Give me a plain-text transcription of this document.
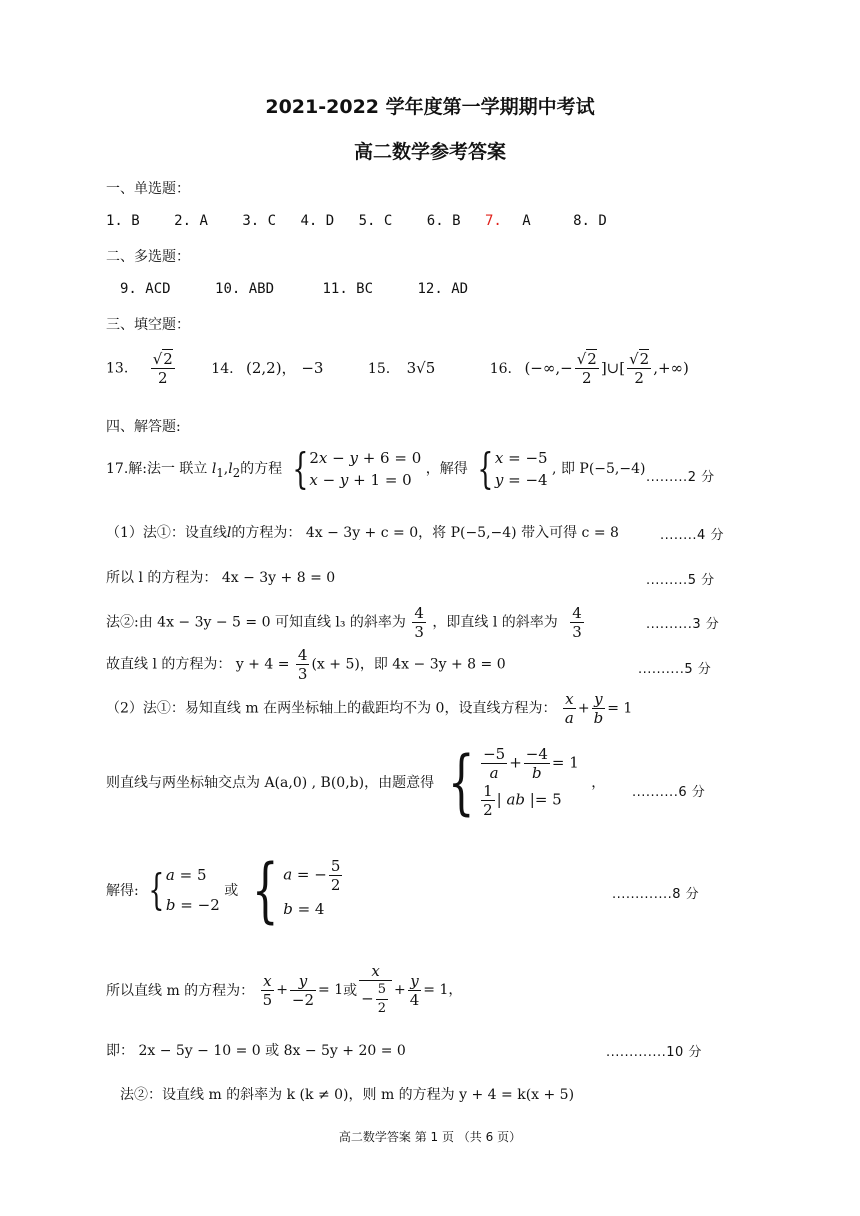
2021-2022 学年度第一学期期中考试
高二数学参考答案
一、单选题：
1. B 2. A 3. C 4. D 5. C 6. B 7. A	8. D
二、多选题：
9. ACD	10. ABD	11. BC	12. AD
三、填空题：
13. $\frac{√2}{2}$	14. (2,2)， −3	15. 3√5	16. (−∞,− $\frac{√2}{2}$ ]∪[ $\frac{√2}{2}$ ,+∞)
四、解答题:
17.解:法一 联立 $l_1,l_2$的方程 {2x − y + 6 = 0
x − y + 1 = 0 ，解得 {x = −5
y = −4 , 即 P(−5,−4)
.........2 分
（1）法①：设直线l的方程为： 4x − 3y + c = 0，将 P(−5,−4) 带入可得 c = 8	........4 分
所以 l 的方程为： 4x − 3y + 8 = 0	.........5 分
法②:由 4x − 3y − 5 = 0 可知直线 l₃ 的斜率为 $\frac{4}{3}$ ，即直线 l 的斜率为 $\frac{4}{3}$	..........3 分
故直线 l 的方程为： $y + 4 = \frac{4}{3} (x + 5)$，即 4x − 3y + 8 = 0	..........5 分
（2）法①：易知直线 m 在两坐标轴上的截距均不为 0，设直线方程为： $\frac{x}{a} + \frac{y}{b} = 1$
则直线与两坐标轴交点为 A(a,0) , B(0,b)，由题意得 { $\frac{-5}{a} + \frac{-4}{b} = 1$

$\frac{1}{2}$ | ab |= 5 ，
..........6 分
解得: {a = 5
b = −2 或 { a = − $\frac{5}{2}$

b = 4
.............8 分
所以直线 m 的方程为： $\frac{x}{5} + \frac{y}{-2} = 1$或 $\frac{x}{- \frac{5}{2}} + \frac{y}{4} = 1$，
即： 2x − 5y − 10 = 0 或 8x − 5y + 20 = 0	.............10 分
法②：设直线 m 的斜率为 k (k ≠ 0)，则 m 的方程为 y + 4 = k(x + 5)
高二数学答案 第 1 页 （共 6 页）
